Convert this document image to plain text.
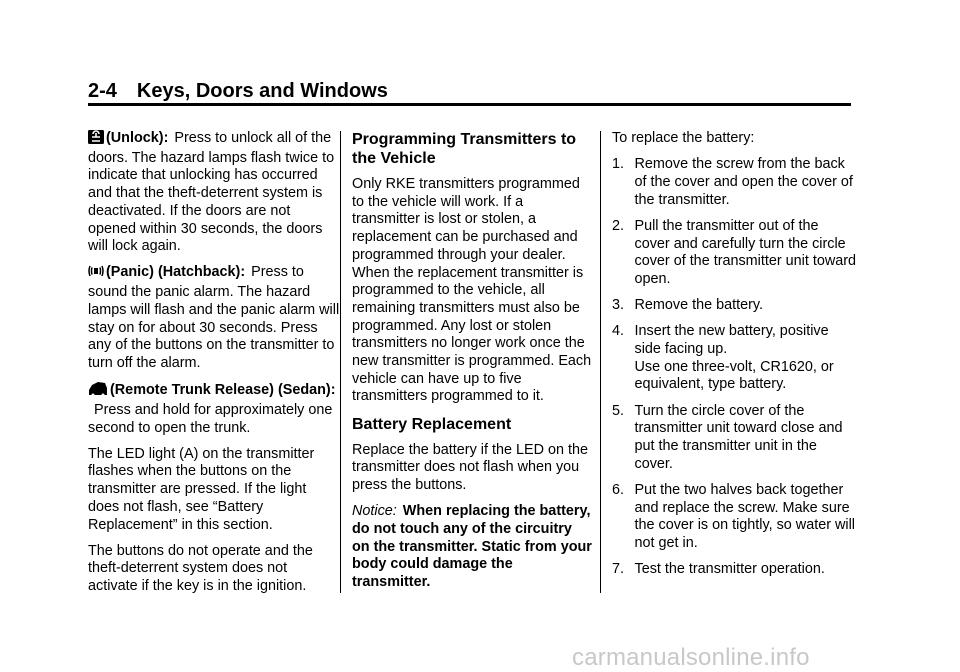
2-4 Keys, Doors and Windows

(Unlock): Press to unlock all of the doors. The hazard lamps flash twice to indicate that unlocking has occurred and that the theft-deterrent system is deactivated. If the doors are not opened within 30 seconds, the doors will lock again.

(Panic) (Hatchback): Press to sound the panic alarm. The hazard lamps will flash and the panic alarm will stay on for about 30 seconds. Press any of the buttons on the transmitter to turn off the alarm.

(Remote Trunk Release) (Sedan):Press and hold for approximately one second to open the trunk.

The LED light (A) on the transmitter flashes when the buttons on the transmitter are pressed. If the light does not flash, see “Battery Replacement” in this section.

The buttons do not operate and the theft-deterrent system does not activate if the key is in the ignition.

Programming Transmitters to the Vehicle

Only RKE transmitters programmed to the vehicle will work. If a transmitter is lost or stolen, a replacement can be purchased and programmed through your dealer. When the replacement transmitter is programmed to the vehicle, all remaining transmitters must also be programmed. Any lost or stolen transmitters no longer work once the new transmitter is programmed. Each vehicle can have up to five transmitters programmed to it.

Battery Replacement

Replace the battery if the LED on the transmitter does not flash when you press the buttons.

Notice: When replacing the battery, do not touch any of the circuitry on the transmitter. Static from your body could damage the transmitter.

To replace the battery:

1. Remove the screw from the back of the cover and open the cover of the transmitter.
2. Pull the transmitter out of the cover and carefully turn the circle cover of the transmitter unit toward open.
3. Remove the battery.
4. Insert the new battery, positive side facing up.
Use one three-volt, CR1620, or equivalent, type battery.
5. Turn the circle cover of the transmitter unit toward close and put the transmitter unit in the cover.
6. Put the two halves back together and replace the screw. Make sure the cover is on tightly, so water will not get in.
7. Test the transmitter operation.
carmanualsonline.info
